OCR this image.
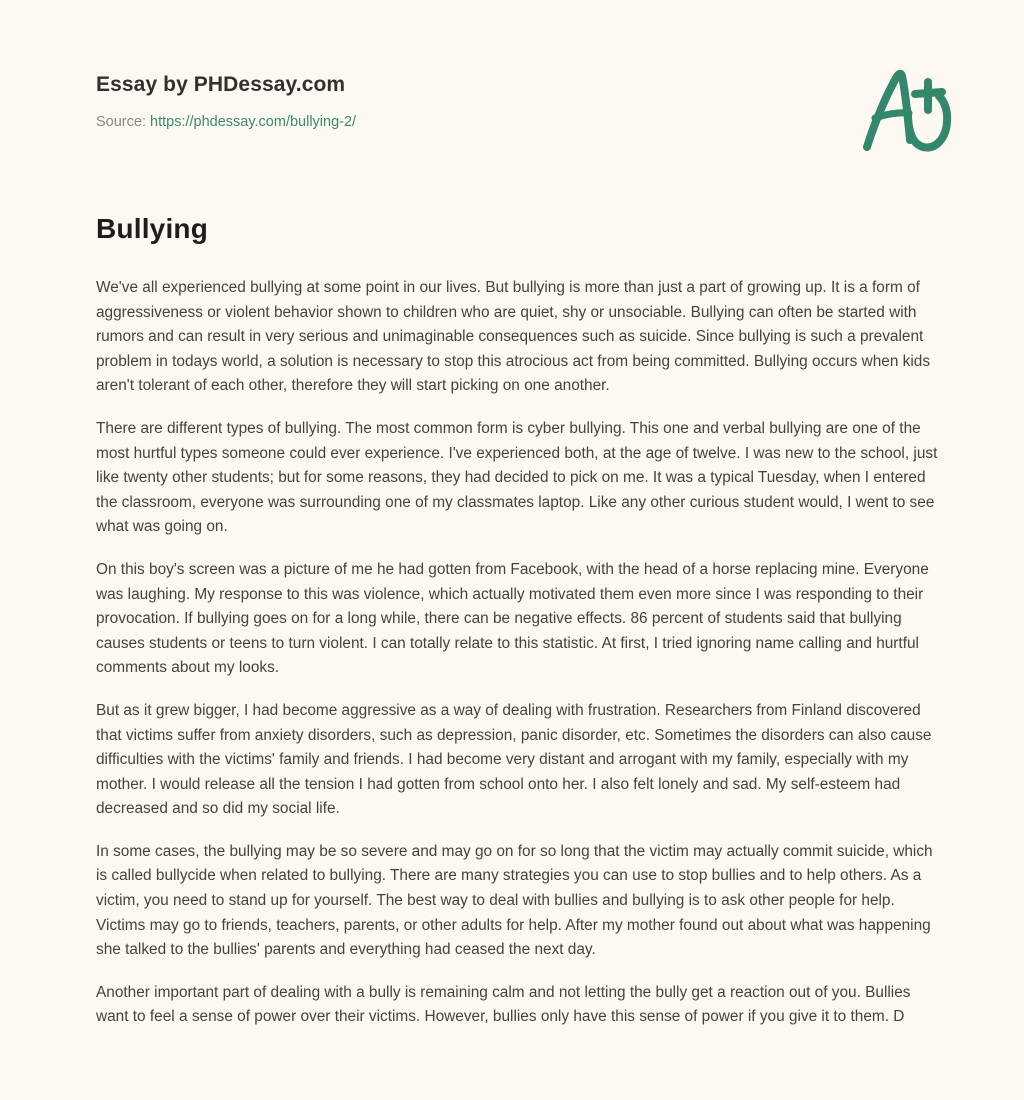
Essay by PHDessay.com
Source: https://phdessay.com/bullying-2/
Bullying

We've all experienced bullying at some point in our lives. But bullying is more than just a part of growing up. It is a form of aggressiveness or violent behavior shown to children who are quiet, shy or unsociable. Bullying can often be started with rumors and can result in very serious and unimaginable consequences such as suicide. Since bullying is such a prevalent problem in todays world, a solution is necessary to stop this atrocious act from being committed. Bullying occurs when kids aren't tolerant of each other, therefore they will start picking on one another.

There are different types of bullying. The most common form is cyber bullying. This one and verbal bullying are one of the most hurtful types someone could ever experience. I've experienced both, at the age of twelve. I was new to the school, just like twenty other students; but for some reasons, they had decided to pick on me. It was a typical Tuesday, when I entered the classroom, everyone was surrounding one of my classmates laptop. Like any other curious student would, I went to see what was going on.

On this boy's screen was a picture of me he had gotten from Facebook, with the head of a horse replacing mine. Everyone was laughing. My response to this was violence, which actually motivated them even more since I was responding to their provocation. If bullying goes on for a long while, there can be negative effects. 86 percent of students said that bullying causes students or teens to turn violent. I can totally relate to this statistic. At first, I tried ignoring name calling and hurtful comments about my looks.

But as it grew bigger, I had become aggressive as a way of dealing with frustration. Researchers from Finland discovered that victims suffer from anxiety disorders, such as depression, panic disorder, etc. Sometimes the disorders can also cause difficulties with the victims' family and friends. I had become very distant and arrogant with my family, especially with my mother. I would release all the tension I had gotten from school onto her. I also felt lonely and sad. My self-esteem had decreased and so did my social life.

In some cases, the bullying may be so severe and may go on for so long that the victim may actually commit suicide, which is called bullycide when related to bullying. There are many strategies you can use to stop bullies and to help others. As a victim, you need to stand up for yourself. The best way to deal with bullies and bullying is to ask other people for help. Victims may go to friends, teachers, parents, or other adults for help. After my mother found out about what was happening she talked to the bullies' parents and everything had ceased the next day.

Another important part of dealing with a bully is remaining calm and not letting the bully get a reaction out of you. Bullies want to feel a sense of power over their victims. However, bullies only have this sense of power if you give it to them. D
